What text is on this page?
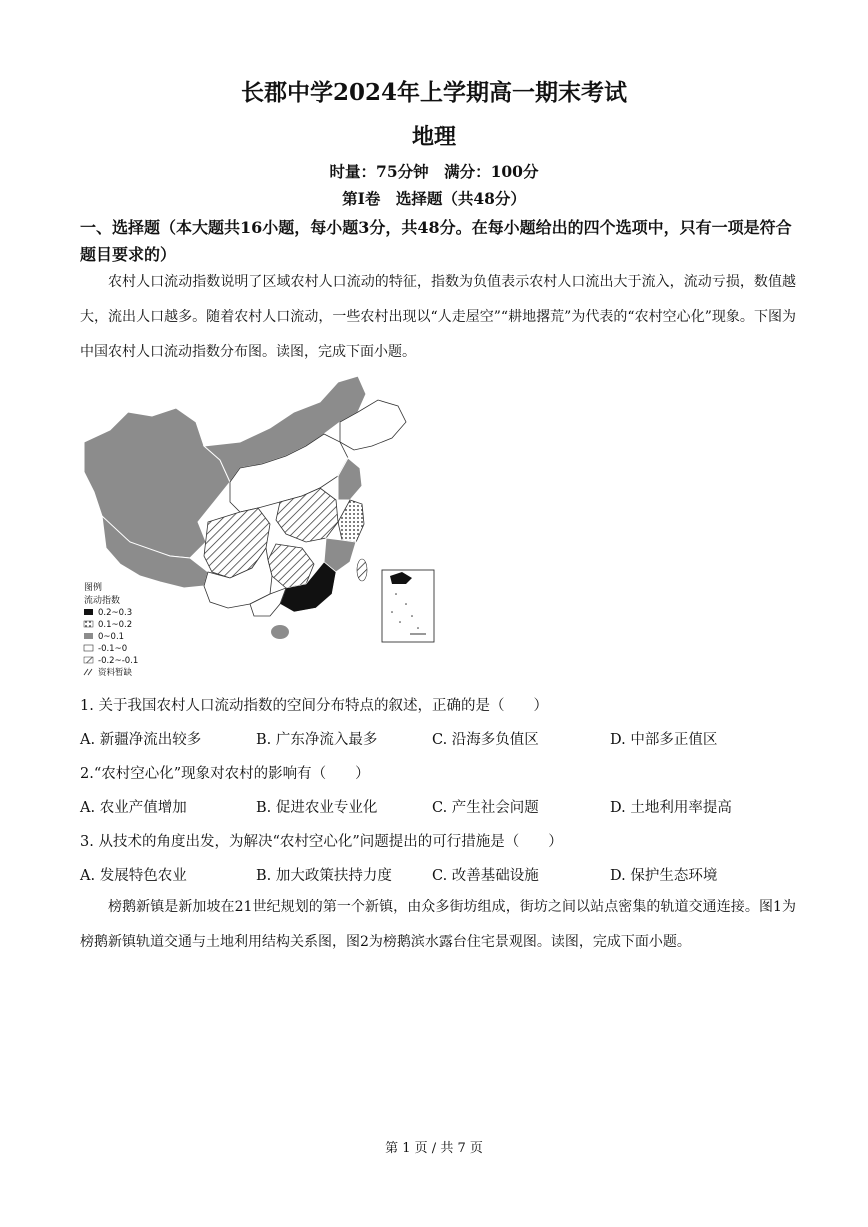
长郡中学2024年上学期高一期末考试
地理
时量：75分钟　满分：100分
第Ⅰ卷　选择题（共48分）
一、选择题（本大题共16小题，每小题3分，共48分。在每小题给出的四个选项中，只有一项是符合题目要求的）
农村人口流动指数说明了区域农村人口流动的特征，指数为负值表示农村人口流出大于流入，流动亏损，数值越大，流出人口越多。随着农村人口流动，一些农村出现以“人走屋空”“耕地撂荒”为代表的“农村空心化”现象。下图为中国农村人口流动指数分布图。读图，完成下面小题。
图例
流动指数
0.2~0.3
0.1~0.2
0~0.1
-0.1~0
-0.2~-0.1
资料暂缺
1. 关于我国农村人口流动指数的空间分布特点的叙述，正确的是（　　）
A. 新疆净流出较多	B. 广东净流入最多	C. 沿海多负值区	D. 中部多正值区
2.“农村空心化”现象对农村的影响有（　　）
A. 农业产值增加	B. 促进农业专业化	C. 产生社会问题	D. 土地利用率提高
3. 从技术的角度出发，为解决“农村空心化”问题提出的可行措施是（　　）
A. 发展特色农业	B. 加大政策扶持力度	C. 改善基础设施	D. 保护生态环境
榜鹅新镇是新加坡在21世纪规划的第一个新镇，由众多街坊组成，街坊之间以站点密集的轨道交通连接。图1为榜鹅新镇轨道交通与土地利用结构关系图，图2为榜鹅滨水露台住宅景观图。读图，完成下面小题。
第 1 页 / 共 7 页
